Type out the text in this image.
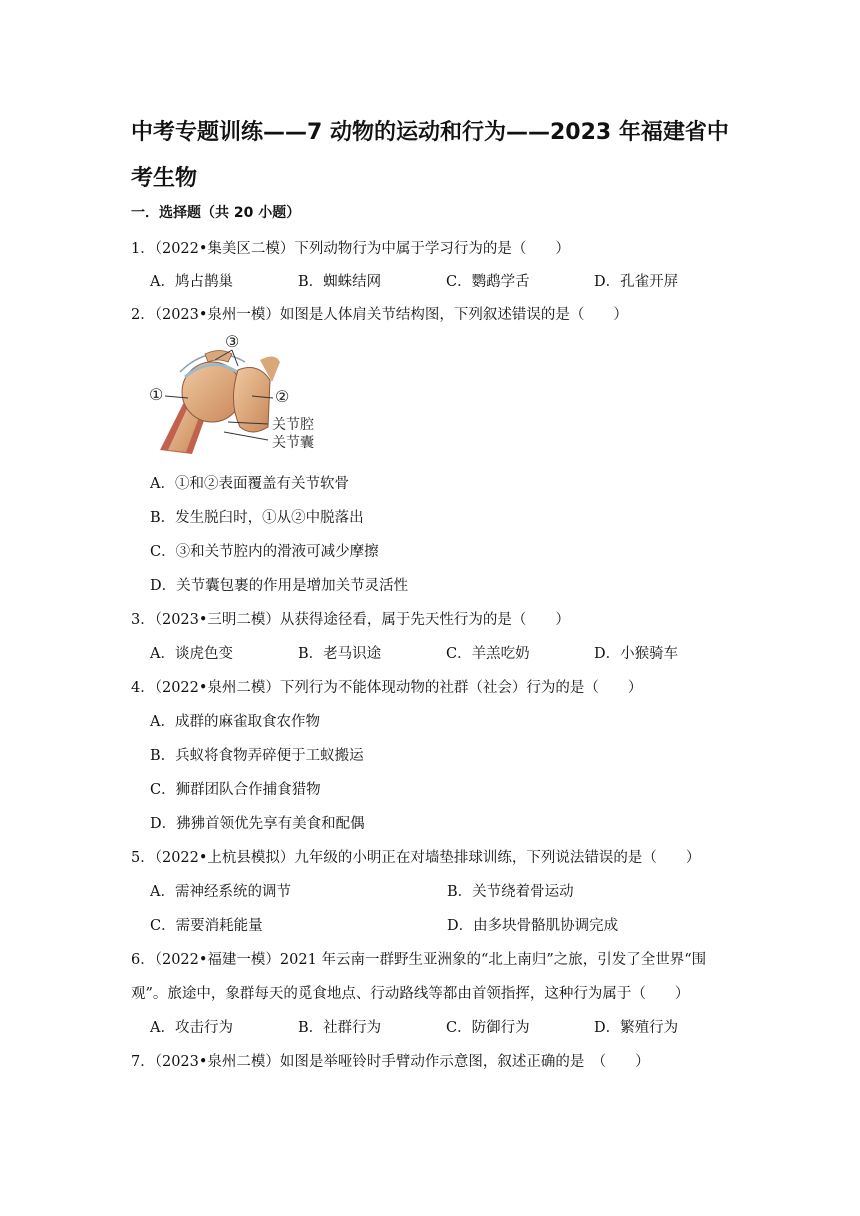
中考专题训练——7 动物的运动和行为——2023 年福建省中考生物
一．选择题（共 20 小题）
1．（2022•集美区二模）下列动物行为中属于学习行为的是（　　）
A．鸠占鹊巢	B．蜘蛛结网	C．鹦鹉学舌	D．孔雀开屏
2．（2023•泉州一模）如图是人体肩关节结构图，下列叙述错误的是（　　）
①	②
③
关节腔
关节囊
A．①和②表面覆盖有关节软骨
B．发生脱臼时，①从②中脱落出
C．③和关节腔内的滑液可减少摩擦
D．关节囊包裹的作用是增加关节灵活性
3．（2023•三明二模）从获得途径看，属于先天性行为的是（　　）
A．谈虎色变	B．老马识途	C．羊羔吃奶	D．小猴骑车
4．（2022•泉州二模）下列行为不能体现动物的社群（社会）行为的是（　　）
A．成群的麻雀取食农作物
B．兵蚁将食物弄碎便于工蚁搬运
C．狮群团队合作捕食猎物
D．狒狒首领优先享有美食和配偶
5．（2022•上杭县模拟）九年级的小明正在对墙垫排球训练，下列说法错误的是（　　）
A．需神经系统的调节	B．关节绕着骨运动
C．需要消耗能量	D．由多块骨骼肌协调完成
6．（2022•福建一模）2021 年云南一群野生亚洲象的“北上南归”之旅，引发了全世界“围
观”。旅途中，象群每天的觅食地点、行动路线等都由首领指挥，这种行为属于（　　）
A．攻击行为	B．社群行为	C．防御行为	D．繁殖行为
7．（2023•泉州二模）如图是举哑铃时手臂动作示意图，叙述正确的是　（　　）
